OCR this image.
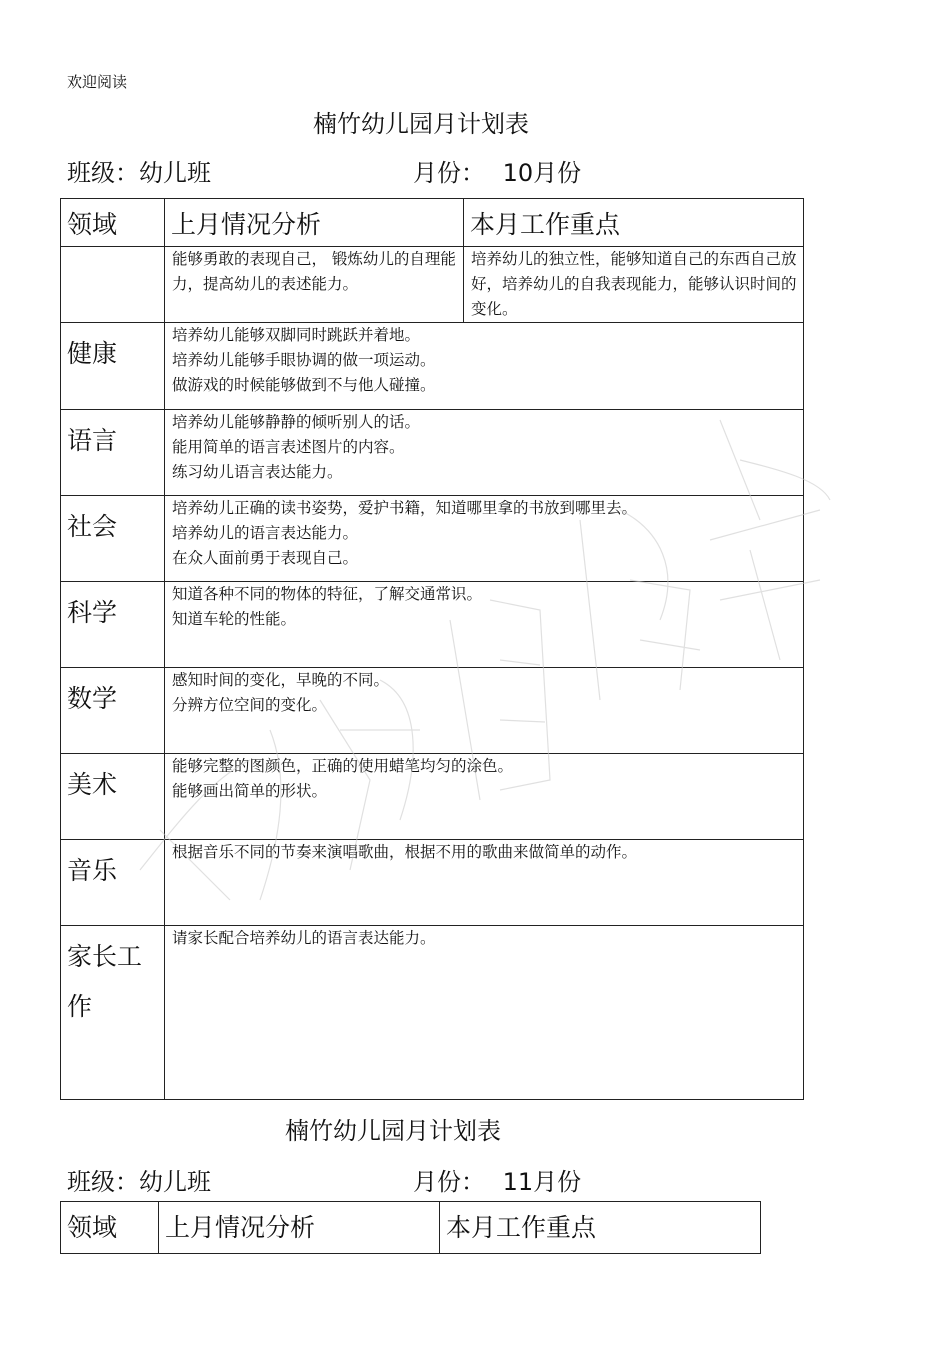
欢迎阅读
楠竹幼儿园月计划表
班级：幼儿班	月份： 10月份
领域	上月情况分析	本月工作重点
	能够勇敢的表现自己， 锻炼幼儿的自理能力，提高幼儿的表述能力。	培养幼儿的独立性，能够知道自己的东西自己放好，培养幼儿的自我表现能力，能够认识时间的变化。
健康	培养幼儿能够双脚同时跳跃并着地。
培养幼儿能够手眼协调的做一项运动。
做游戏的时候能够做到不与他人碰撞。	

语言	培养幼儿能够静静的倾听别人的话。
能用简单的语言表述图片的内容。
练习幼儿语言表达能力。	

社会	培养幼儿正确的读书姿势，爱护书籍，知道哪里拿的书放到哪里去。
培养幼儿的语言表达能力。
在众人面前勇于表现自己。	

科学	知道各种不同的物体的特征，了解交通常识。
知道车轮的性能。	

数学	感知时间的变化，早晚的不同。
分辨方位空间的变化。	

美术	能够完整的图颜色，正确的使用蜡笔均匀的涂色。
能够画出简单的形状。	

音乐	根据音乐不同的节奏来演唱歌曲，根据不用的歌曲来做简单的动作。	

家长工作	请家长配合培养幼儿的语言表达能力。	
楠竹幼儿园月计划表
班级：幼儿班	月份： 11月份
领域	上月情况分析	本月工作重点
